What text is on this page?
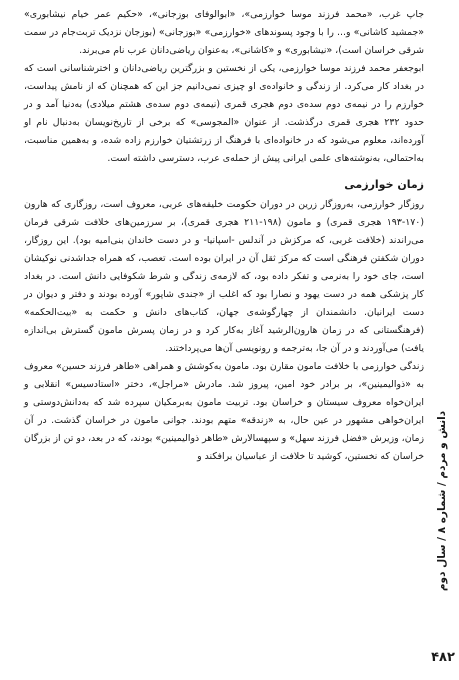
جاپ غرب، «محمد فرزند موسا خوارزمی»، «ابوالوفای بوزجانی»، «حکیم عمر خیام نیشابوری» «جمشید کاشانی» و... را با وجود پسوندهای «خوارزمی» «بوزجانی» (بوزجان نزدیک تربت‌جام در سمت شرقی خراسان است)، «نیشابوری» و «کاشانی»، به‌عنوان ریاضی‌دانان عرب نام می‌برند.

ابوجعفر محمد فرزند موسا خوارزمی، یکی از نخستین و بزرگترین ریاضی‌دانان و اخترشناسانی است که در بغداد کار می‌کرد. از زندگی و خانواده‌ی او چیزی نمی‌دانیم جز این که همچنان که از نامش پیداست، خوارزم را در نیمه‌ی دوم سده‌ی دوم هجری قمری (نیمه‌ی دوم سده‌ی هشتم میلادی) به‌دنیا آمد و در حدود ۲۳۲ هجری قمری درگذشت. از عنوان «المجوسی» که برخی از تاریخ‌نویسان به‌دنبال نام او آورده‌اند، معلوم می‌شود که در خانواده‌ای با فرهنگ از زرتشتیان خوارزم زاده شده، و به‌همین مناسبت، به‌احتمالی، به‌نوشته‌های علمی ایرانی پیش از حمله‌ی عرب، دسترسی داشته است.

زمان خوارزمی

روزگار خوارزمی، به‌روزگار زرین در دوران حکومت خلیفه‌های عربی، معروف است، روزگاری که هارون (۱۷۰-۱۹۳ هجری قمری) و مامون (۱۹۸-۲۱۱ هجری قمری)، بر سرزمین‌های خلافت شرقی فرمان می‌راندند (خلافت غربی، که مرکزش در آندلس -اسپانیا- و در دست خاندان بنی‌امیه بود). این روزگار، دوران شکفتن فرهنگی است که مرکز ثقل آن در ایران بوده است. تعصب، که همراه جداشدنی نوکیشان است، جای خود را به‌نرمی و تفکر داده بود، که لازمه‌ی زندگی و شرط شکوفایی دانش است. در بغداد کار پزشکی همه در دست یهود و نصارا بود که اغلب از «جندی شاپور» آورده بودند و دفتر و دیوان در دست ایرانیان. دانشمندان از چهارگوشه‌ی جهان، کتاب‌های دانش و حکمت به «بیت‌الحکمه» (فرهنگستانی که در زمان هارون‌الرشید آغاز به‌کار کرد و در زمان پسرش مامون گسترش بی‌اندازه یافت) می‌آوردند و در آن جا، به‌ترجمه و رونویسی آن‌ها می‌پرداختند.

زندگی خوارزمی با خلافت مامون مقارن بود. مامون به‌کوشش و همراهی «طاهر فرزند حسین» معروف به «ذوالیمینین»، بر برادر خود امین، پیروز شد. مادرش «مراجل»، دختر «استادسیس» انقلابی و ایران‌خواه معروف سیستان و خراسان بود. تربیت مامون به‌برمکیان سپرده شد که به‌دانش‌دوستی و ایران‌خواهی مشهور در عین حال، به «زندقه» متهم بودند. جوانی مامون در خراسان گذشت. در آن زمان، وزیرش «فضل فرزند سهل» و سپهسالارش «طاهر ذوالیمینین» بودند، که در بعد، دو تن از بزرگان خراسان که نخستین، کوشید تا خلافت از عباسیان برافکند و

دانش و مردم / شماره ۸ / سال دوم
۴۸۲
